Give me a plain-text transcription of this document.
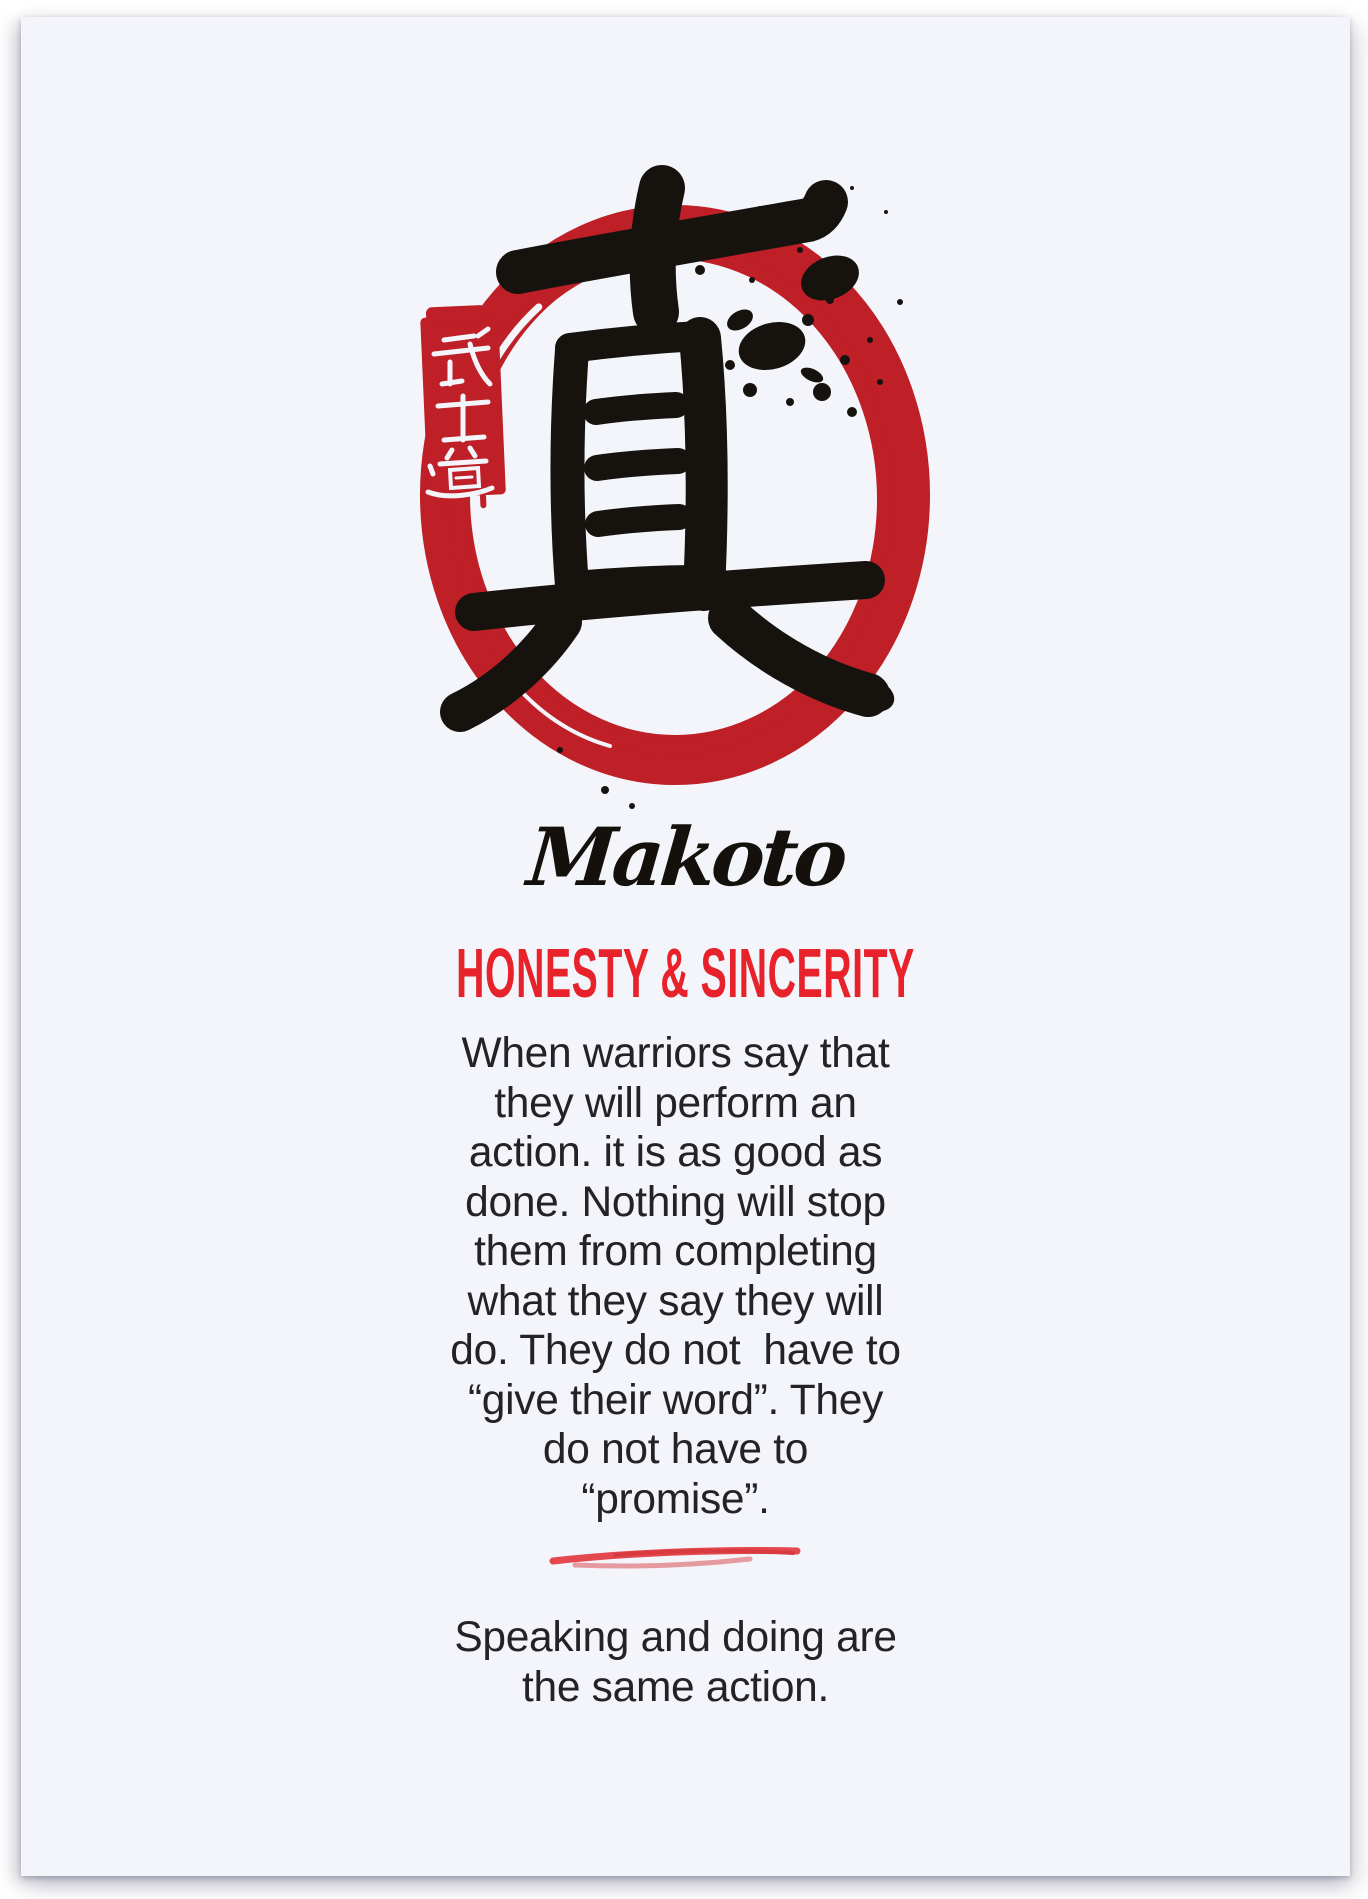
Makoto
HONESTY & SINCERITY
When warriors say that
they will perform an
action. it is as good as
done. Nothing will stop
them from completing
what they say they will
do. They do not  have to
“give their word”. They
do not have to
“promise”.
Speaking and doing are
the same action.
